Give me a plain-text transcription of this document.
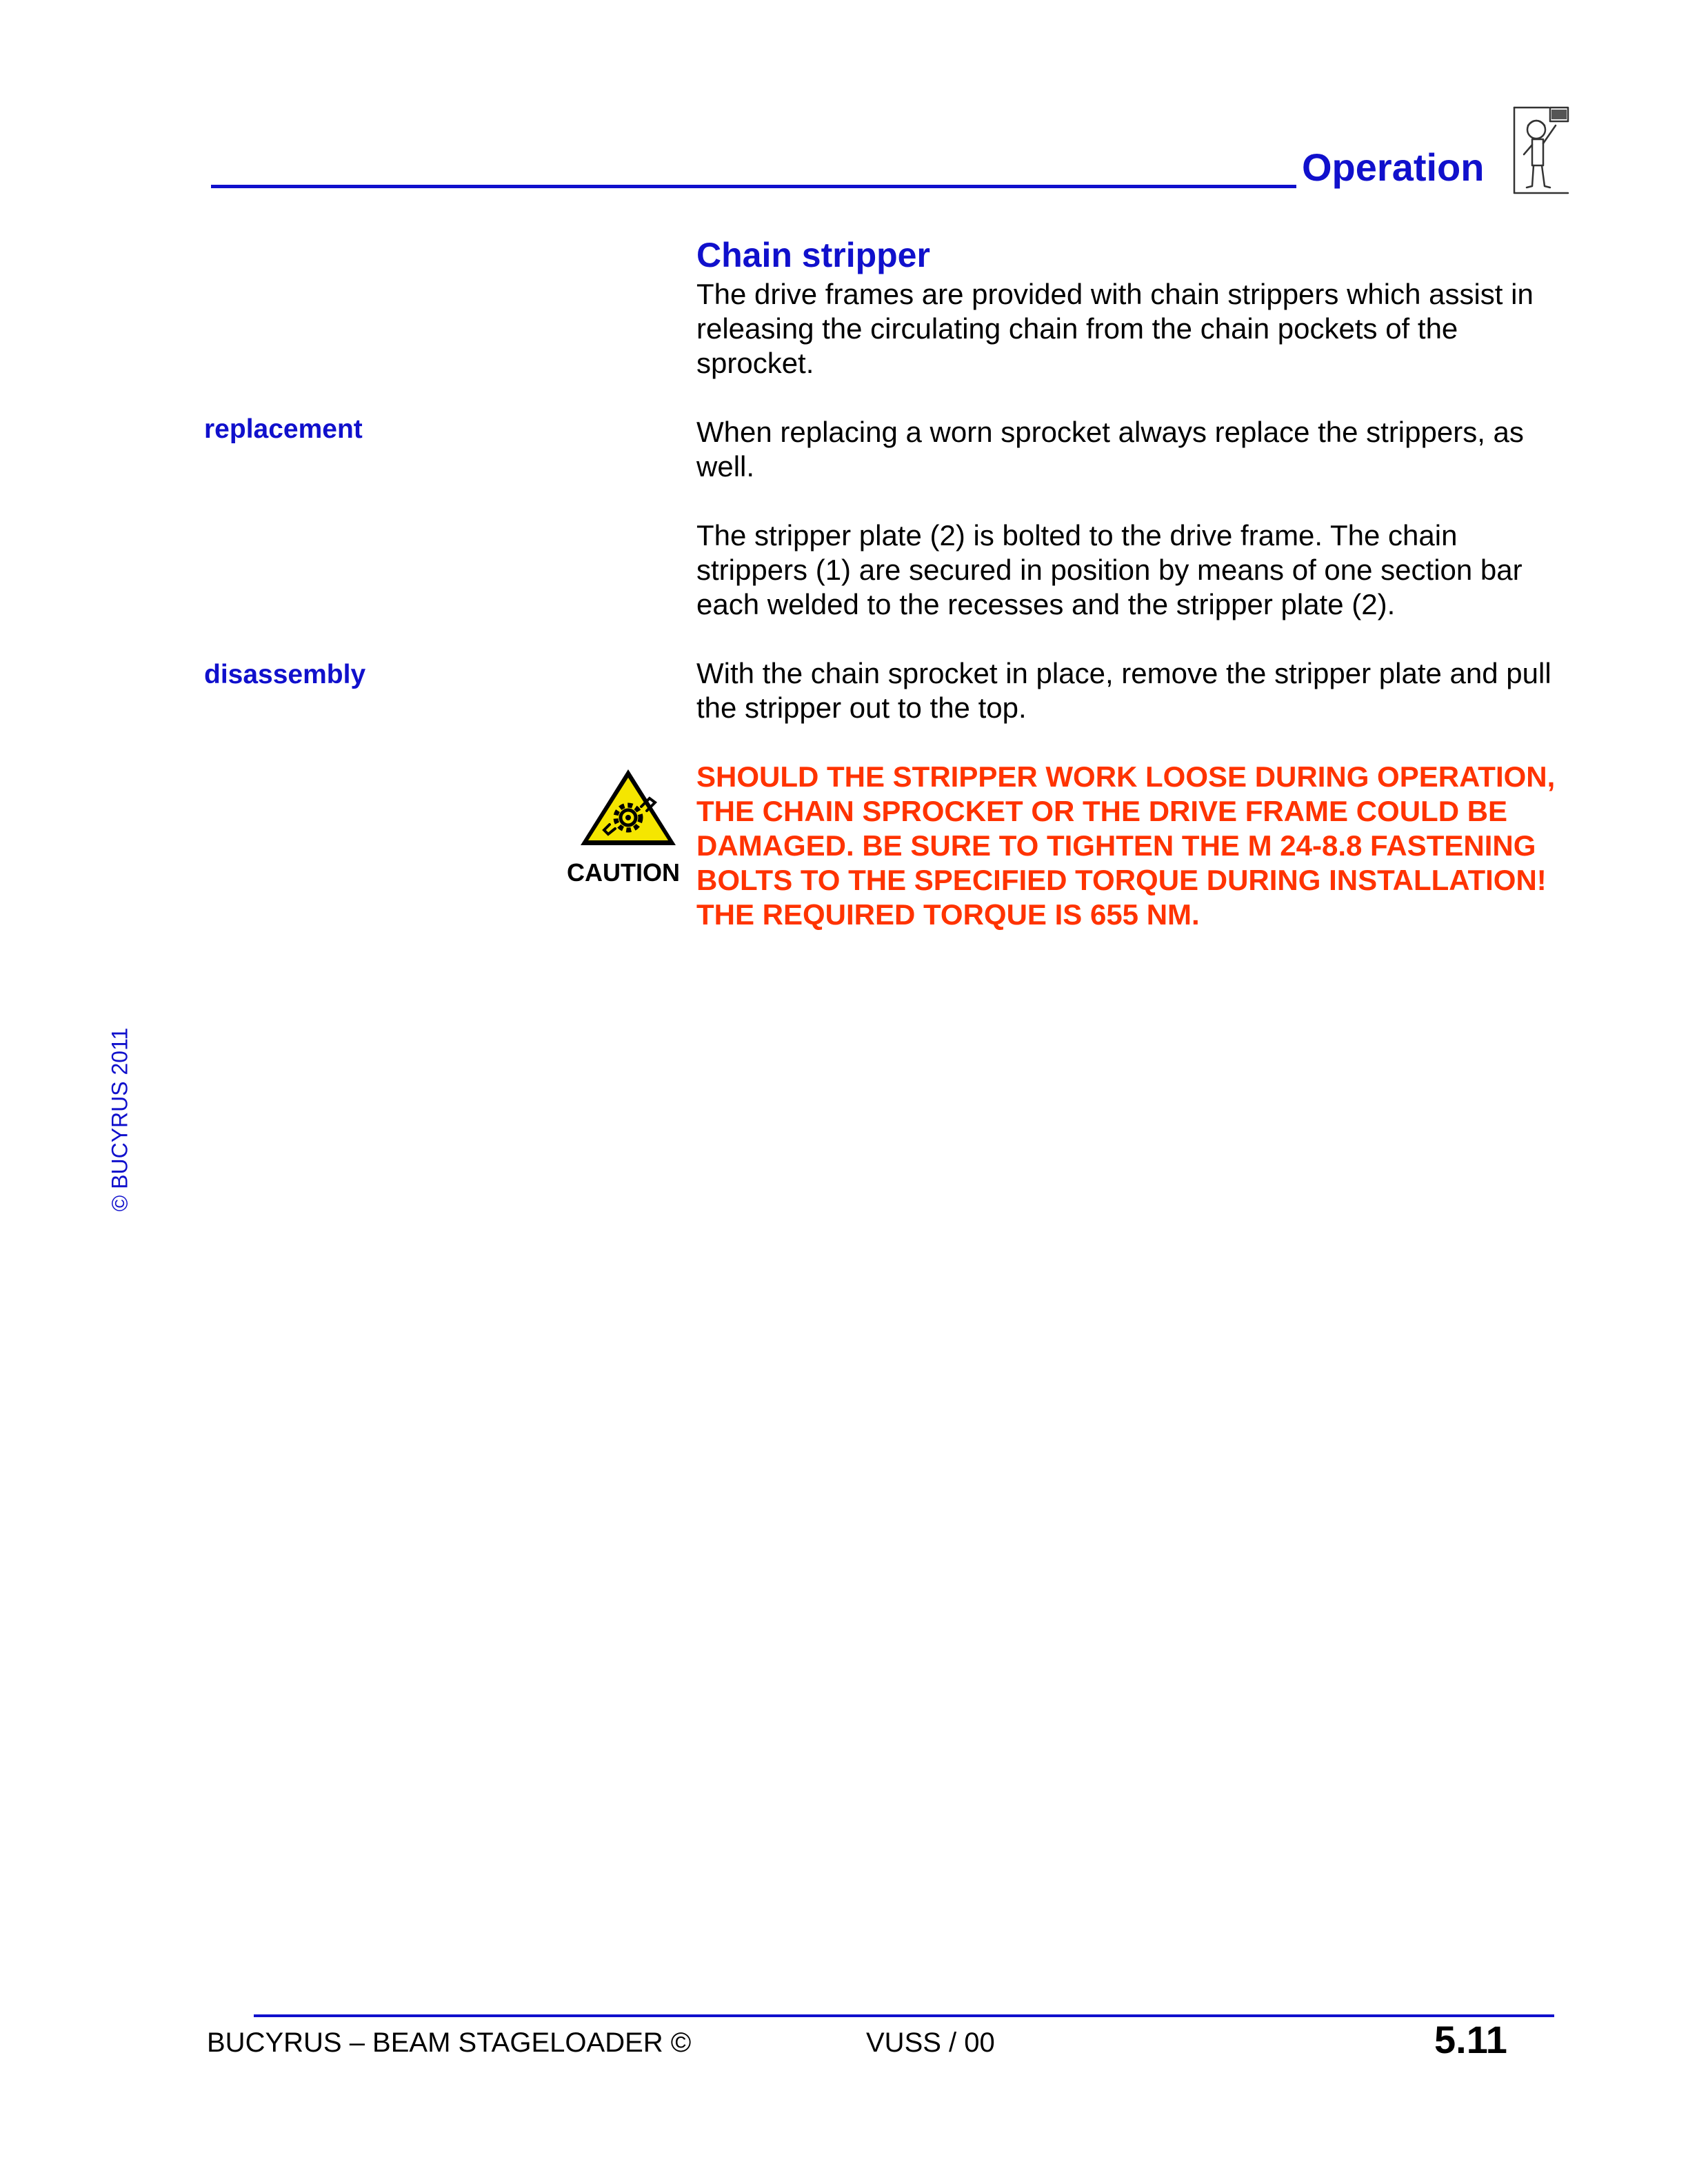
Operation
Chain stripper
The drive frames are provided with chain strippers which assist in releasing the circulating chain from the chain pockets of the sprocket.
replacement	When replacing a worn sprocket always replace the strippers, as well.
The stripper plate (2) is bolted to the drive frame. The chain strippers (1) are secured in position by means of one section bar each welded to the recesses and the stripper plate (2).
disassembly	With the chain sprocket in place, remove the stripper plate and pull the stripper out to the top.
CAUTION
SHOULD THE STRIPPER WORK LOOSE DURING OPERATION, THE CHAIN SPROCKET OR THE DRIVE FRAME COULD BE DAMAGED. BE SURE TO TIGHTEN THE M 24-8.8 FASTENING BOLTS TO THE SPECIFIED TORQUE DURING INSTALLATION! THE REQUIRED TORQUE IS 655 NM.
© BUCYRUS 2011
BUCYRUS – BEAM STAGELOADER ©	VUSS / 00	5.11
